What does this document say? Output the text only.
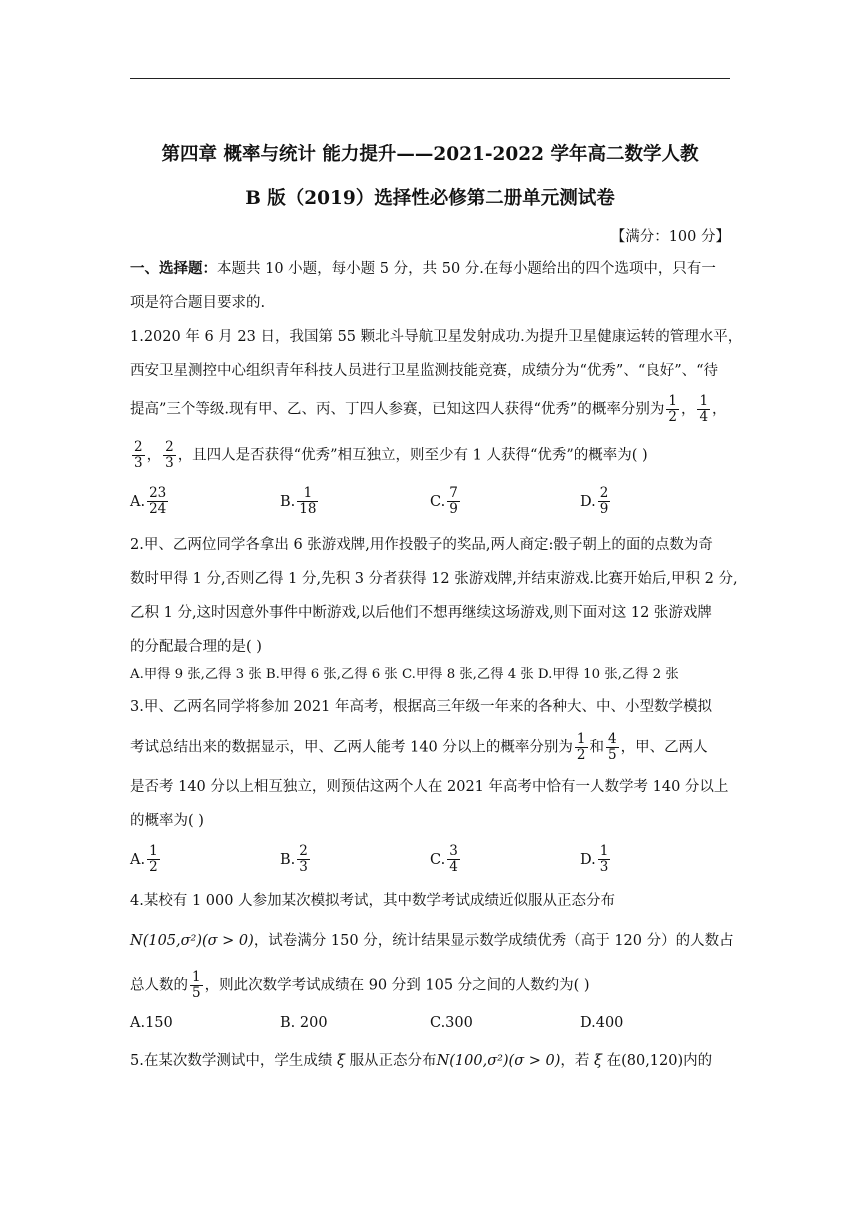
第四章 概率与统计 能力提升——2021-2022 学年高二数学人教
B 版（2019）选择性必修第二册单元测试卷
【满分：100 分】
一、选择题：本题共 10 小题，每小题 5 分，共 50 分.在每小题给出的四个选项中，只有一
项是符合题目要求的.
1.2020 年 6 月 23 日，我国第 55 颗北斗导航卫星发射成功.为提升卫星健康运转的管理水平，
西安卫星测控中心组织青年科技人员进行卫星监测技能竞赛，成绩分为“优秀”、“良好”、“待
提高”三个等级.现有甲、乙、丙、丁四人参赛，已知这四人获得“优秀”的概率分别为 $\frac{1}{2}$ ， $\frac{1}{4}$ ，
$\frac{2}{3}$ ， $\frac{2}{3}$ ，且四人是否获得“优秀”相互独立，则至少有 1 人获得“优秀”的概率为( )
A. $\frac{23}{24}$	B. $\frac{1}{18}$	C. $\frac{7}{9}$	D. $\frac{2}{9}$
2.甲、乙两位同学各拿出 6 张游戏牌,用作投骰子的奖品,两人商定:骰子朝上的面的点数为奇
数时甲得 1 分,否则乙得 1 分,先积 3 分者获得 12 张游戏牌,并结束游戏.比赛开始后,甲积 2 分,
乙积 1 分,这时因意外事件中断游戏,以后他们不想再继续这场游戏,则下面对这 12 张游戏牌
的分配最合理的是( )
A.甲得 9 张,乙得 3 张 B.甲得 6 张,乙得 6 张 C.甲得 8 张,乙得 4 张 D.甲得 10 张,乙得 2 张
3.甲、乙两名同学将参加 2021 年高考，根据高三年级一年来的各种大、中、小型数学模拟
考试总结出来的数据显示，甲、乙两人能考 140 分以上的概率分别为 $\frac{1}{2}$ 和 $\frac{4}{5}$ ，甲、乙两人
是否考 140 分以上相互独立，则预估这两个人在 2021 年高考中恰有一人数学考 140 分以上
的概率为( )
A. $\frac{1}{2}$	B. $\frac{2}{3}$	C. $\frac{3}{4}$	D. $\frac{1}{3}$
4.某校有 1 000 人参加某次模拟考试，其中数学考试成绩近似服从正态分布
N(105,σ²)(σ > 0)，试卷满分 150 分，统计结果显示数学成绩优秀（高于 120 分）的人数占
总人数的 $\frac{1}{5}$ ，则此次数学考试成绩在 90 分到 105 分之间的人数约为( )
A.150	B. 200	C.300	D.400
5.在某次数学测试中，学生成绩 ξ 服从正态分布N(100,σ²)(σ > 0)，若 ξ 在(80,120)内的
